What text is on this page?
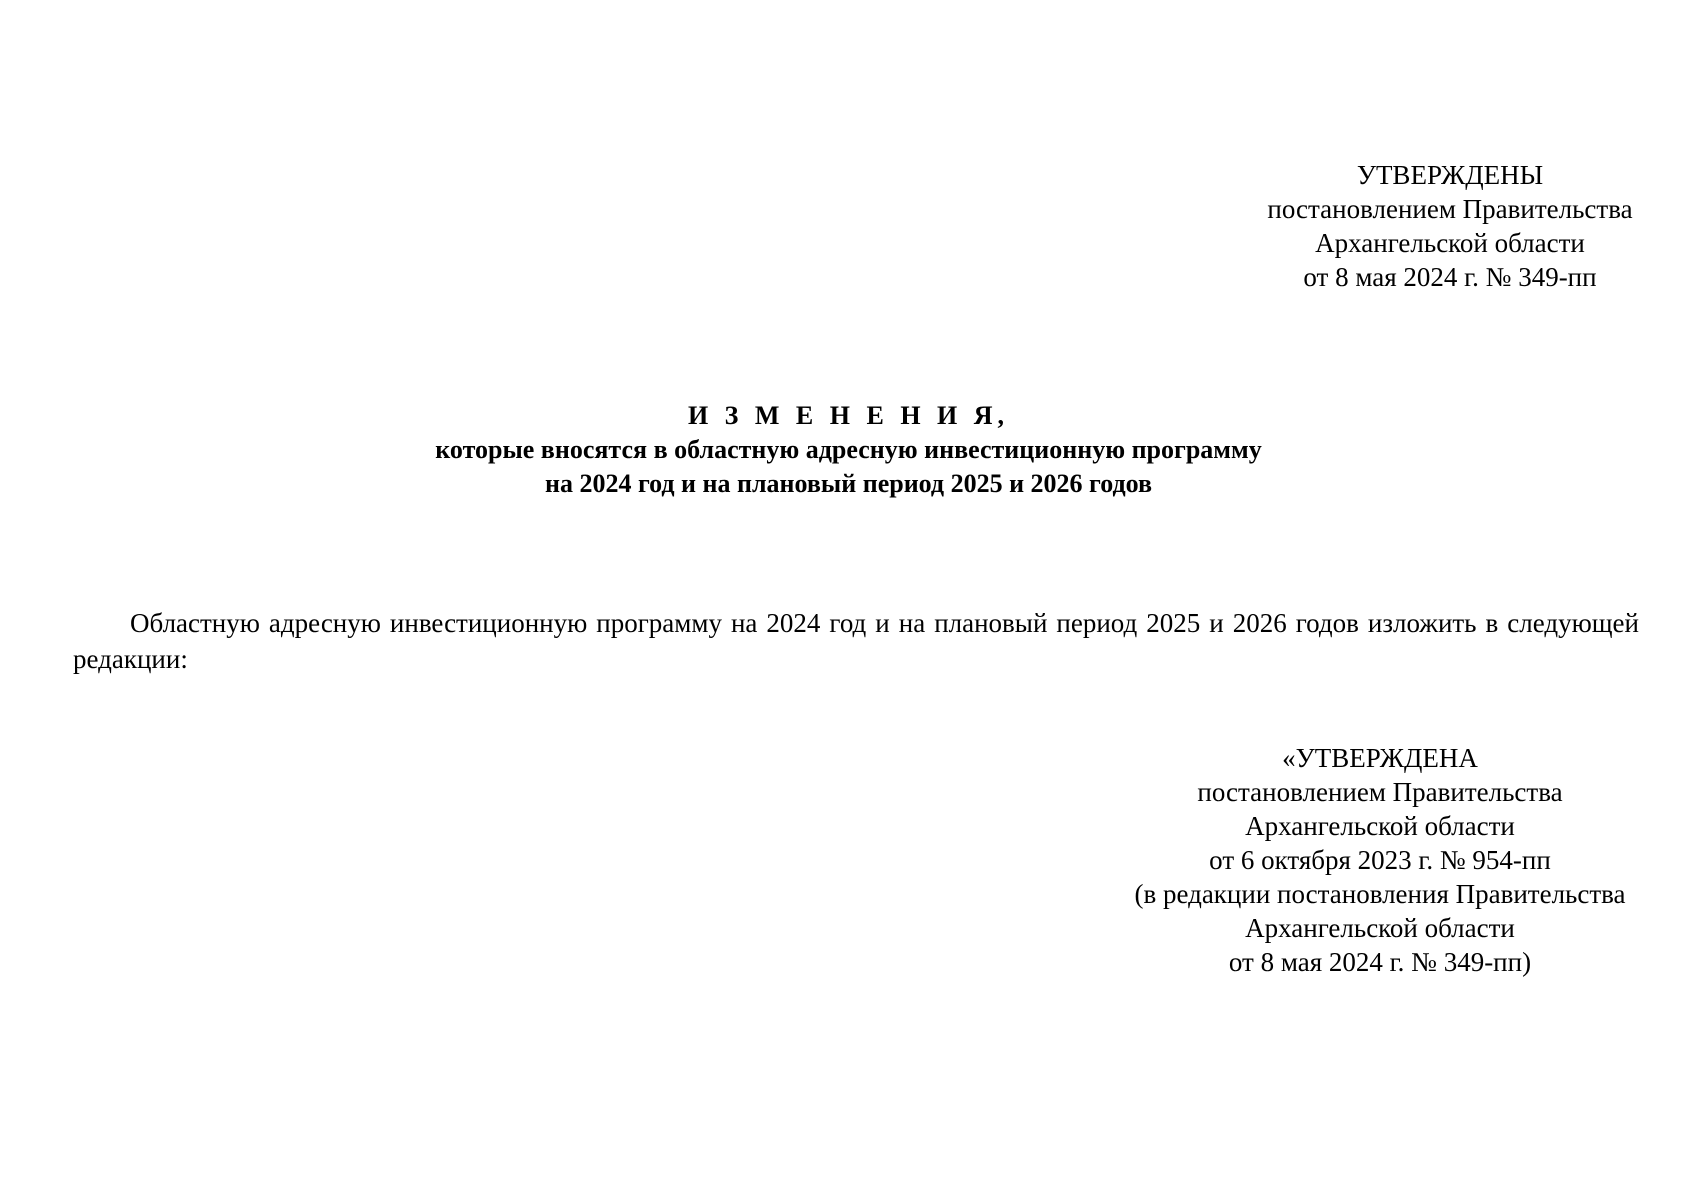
УТВЕРЖДЕНЫ
постановлением Правительства
Архангельской области
от 8 мая 2024 г. № 349-пп
И З М Е Н Е Н И Я,
которые вносятся в областную адресную инвестиционную программу
на 2024 год и на плановый период 2025 и 2026 годов

Областную адресную инвестиционную программу на 2024 год и на плановый период 2025 и 2026 годов изложить в следующей редакции:

«УТВЕРЖДЕНА
постановлением Правительства
Архангельской области
от 6 октября 2023 г. № 954-пп
(в редакции постановления Правительства
Архангельской области
от 8 мая 2024 г. № 349-пп)
